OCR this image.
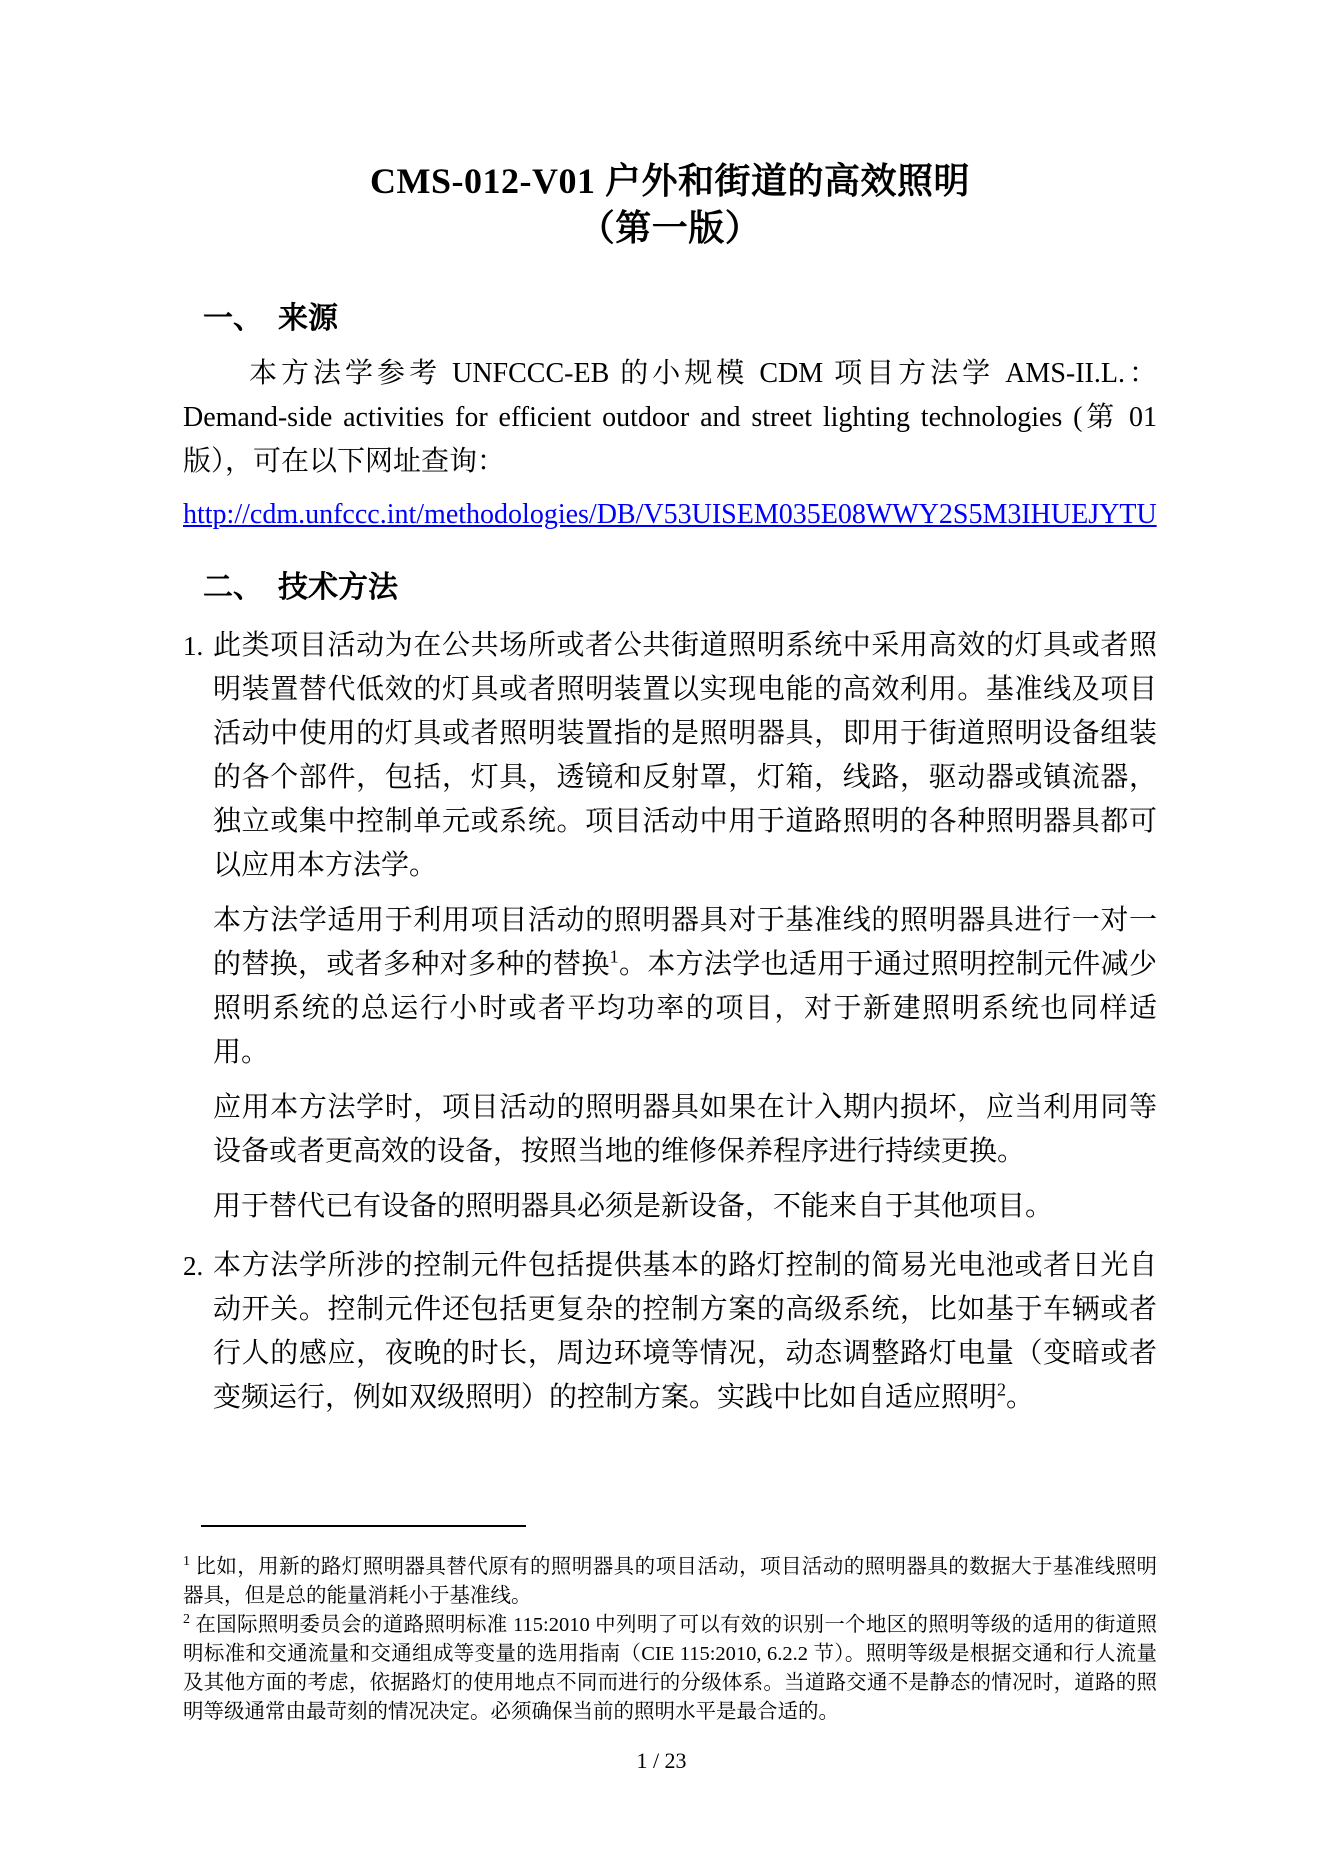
CMS-012-V01 户外和街道的高效照明
（第一版）
一、 来源

本方法学参考 UNFCCC-EB 的小规模 CDM 项目方法学 AMS-II.L.：Demand-side activities for efficient outdoor and street lighting technologies (第 01 版），可在以下网址查询：

http://cdm.unfccc.int/methodologies/DB/V53UISEM035E08WWY2S5M3IHUEJYTU
二、 技术方法
1. 此类项目活动为在公共场所或者公共街道照明系统中采用高效的灯具或者照明装置替代低效的灯具或者照明装置以实现电能的高效利用。基准线及项目活动中使用的灯具或者照明装置指的是照明器具，即用于街道照明设备组装的各个部件，包括，灯具，透镜和反射罩，灯箱，线路，驱动器或镇流器，独立或集中控制单元或系统。项目活动中用于道路照明的各种照明器具都可以应用本方法学。

本方法学适用于利用项目活动的照明器具对于基准线的照明器具进行一对一的替换，或者多种对多种的替换$^1$。本方法学也适用于通过照明控制元件减少照明系统的总运行小时或者平均功率的项目，对于新建照明系统也同样适用。

应用本方法学时，项目活动的照明器具如果在计入期内损坏，应当利用同等设备或者更高效的设备，按照当地的维修保养程序进行持续更换。

用于替代已有设备的照明器具必须是新设备，不能来自于其他项目。

2. 本方法学所涉的控制元件包括提供基本的路灯控制的简易光电池或者日光自动开关。控制元件还包括更复杂的控制方案的高级系统，比如基于车辆或者行人的感应，夜晚的时长，周边环境等情况，动态调整路灯电量（变暗或者变频运行，例如双级照明）的控制方案。实践中比如自适应照明$^2$。

$^1$ 比如，用新的路灯照明器具替代原有的照明器具的项目活动，项目活动的照明器具的数据大于基准线照明器具，但是总的能量消耗小于基准线。

$^2$ 在国际照明委员会的道路照明标准 115:2010 中列明了可以有效的识别一个地区的照明等级的适用的街道照明标准和交通流量和交通组成等变量的选用指南（CIE 115:2010, 6.2.2 节）。照明等级是根据交通和行人流量及其他方面的考虑，依据路灯的使用地点不同而进行的分级体系。当道路交通不是静态的情况时，道路的照明等级通常由最苛刻的情况决定。必须确保当前的照明水平是最合适的。

1 / 23
